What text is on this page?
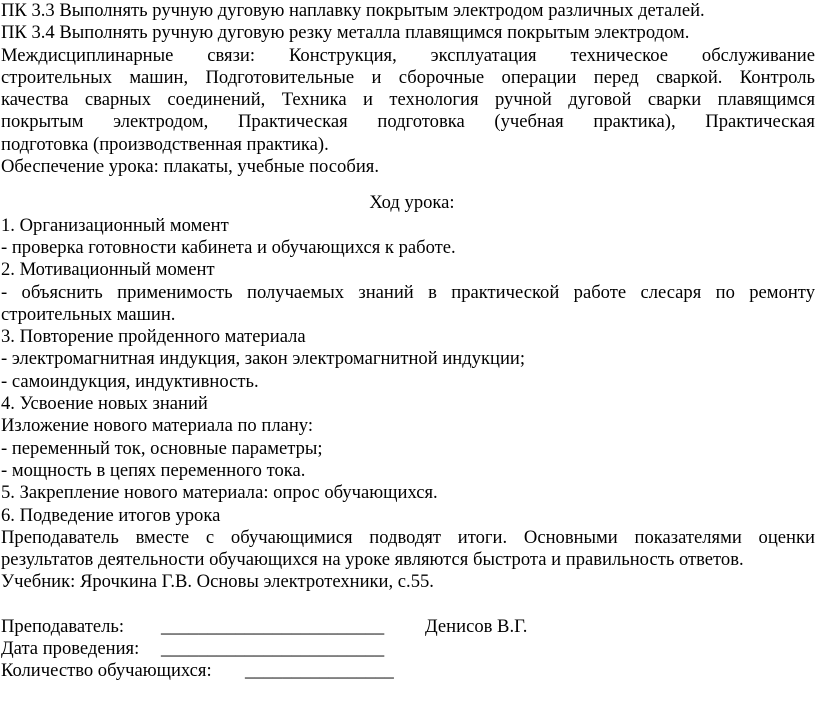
ПК 3.3 Выполнять ручную дуговую наплавку покрытым электродом различных деталей.
ПК 3.4 Выполнять ручную дуговую резку металла плавящимся покрытым электродом.
Междисциплинарные связи: Конструкция, эксплуатация техническое обслуживание
строительных машин, Подготовительные и сборочные операции перед сваркой. Контроль
качества сварных соединений, Техника и технология ручной дуговой сварки плавящимся
покрытым электродом, Практическая подготовка (учебная практика), Практическая
подготовка (производственная практика).
Обеспечение урока: плакаты, учебные пособия.
Ход урока:
1. Организационный момент
- проверка готовности кабинета и обучающихся к работе.
2. Мотивационный момент
- объяснить применимость получаемых знаний в практической работе слесаря по ремонту
строительных машин.
3. Повторение пройденного материала
- электромагнитная индукция, закон электромагнитной индукции;
- самоиндукция, индуктивность.
4. Усвоение новых знаний
Изложение нового материала по плану:
- переменный ток, основные параметры;
- мощность в цепях переменного тока.
5. Закрепление нового материала: опрос обучающихся.
6. Подведение итогов урока
Преподаватель вместе с обучающимися подводят итоги. Основными показателями оценки
результатов деятельности обучающихся на уроке являются быстрота и правильность ответов.
Учебник: Ярочкина Г.В. Основы электротехники, с.55.
Преподаватель: ________________________ Денисов В.Г.
Дата проведения: ________________________
Количество обучающихся: ________________
